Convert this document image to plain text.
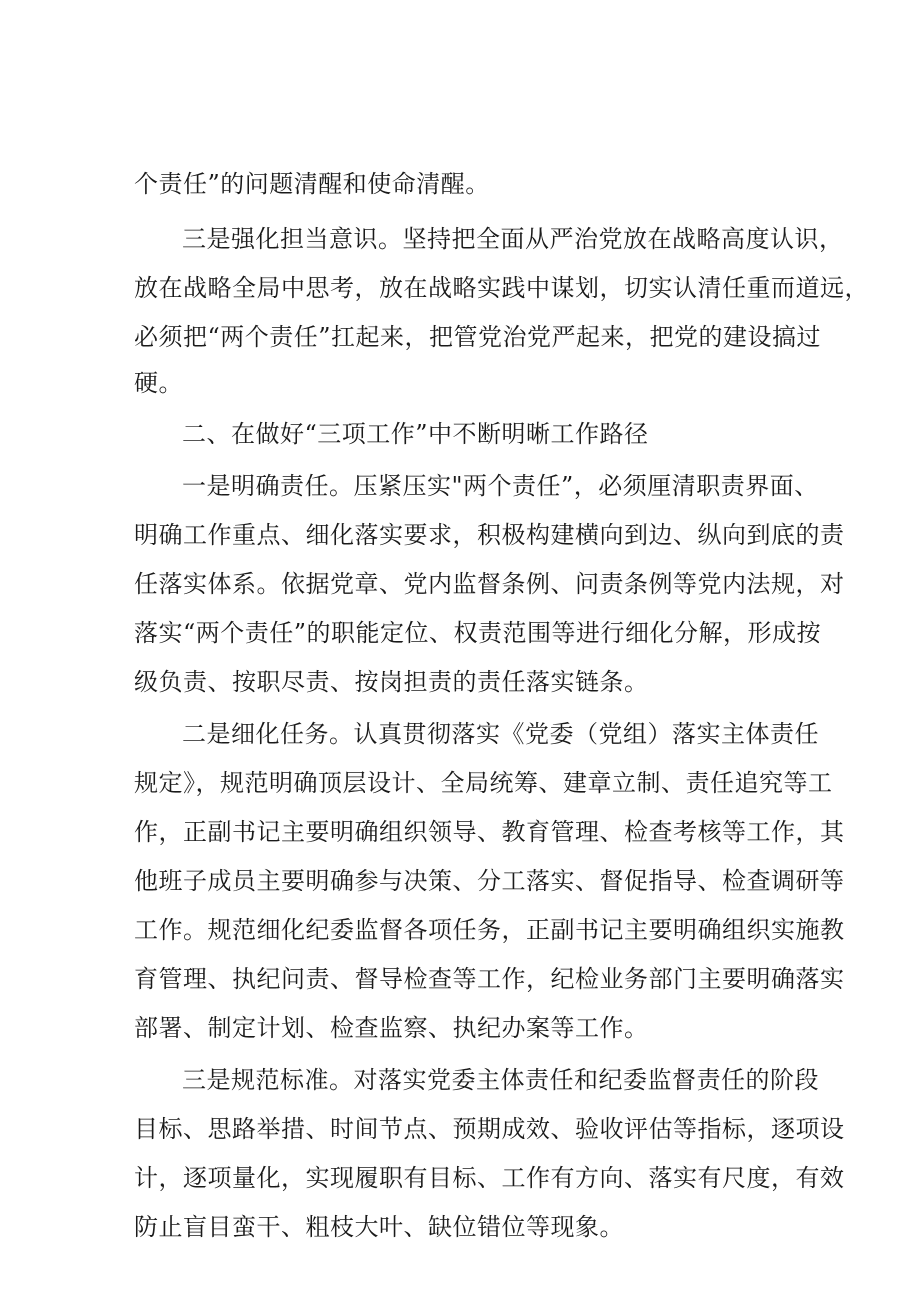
个责任”的问题清醒和使命清醒。
三是强化担当意识。坚持把全面从严治党放在战略高度认识，
放在战略全局中思考，放在战略实践中谋划，切实认清任重而道远，
必须把“两个责任”扛起来，把管党治党严起来，把党的建设搞过
硬。
二、在做好“三项工作”中不断明晰工作路径
一是明确责任。压紧压实"两个责任”，必须厘清职责界面、
明确工作重点、细化落实要求，积极构建横向到边、纵向到底的责
任落实体系。依据党章、党内监督条例、问责条例等党内法规，对
落实“两个责任”的职能定位、权责范围等进行细化分解，形成按
级负责、按职尽责、按岗担责的责任落实链条。
二是细化任务。认真贯彻落实《党委（党组）落实主体责任
规定》，规范明确顶层设计、全局统筹、建章立制、责任追究等工
作，正副书记主要明确组织领导、教育管理、检查考核等工作，其
他班子成员主要明确参与决策、分工落实、督促指导、检查调研等
工作。规范细化纪委监督各项任务，正副书记主要明确组织实施教
育管理、执纪问责、督导检查等工作，纪检业务部门主要明确落实
部署、制定计划、检查监察、执纪办案等工作。
三是规范标准。对落实党委主体责任和纪委监督责任的阶段
目标、思路举措、时间节点、预期成效、验收评估等指标，逐项设
计，逐项量化，实现履职有目标、工作有方向、落实有尺度，有效
防止盲目蛮干、粗枝大叶、缺位错位等现象。
